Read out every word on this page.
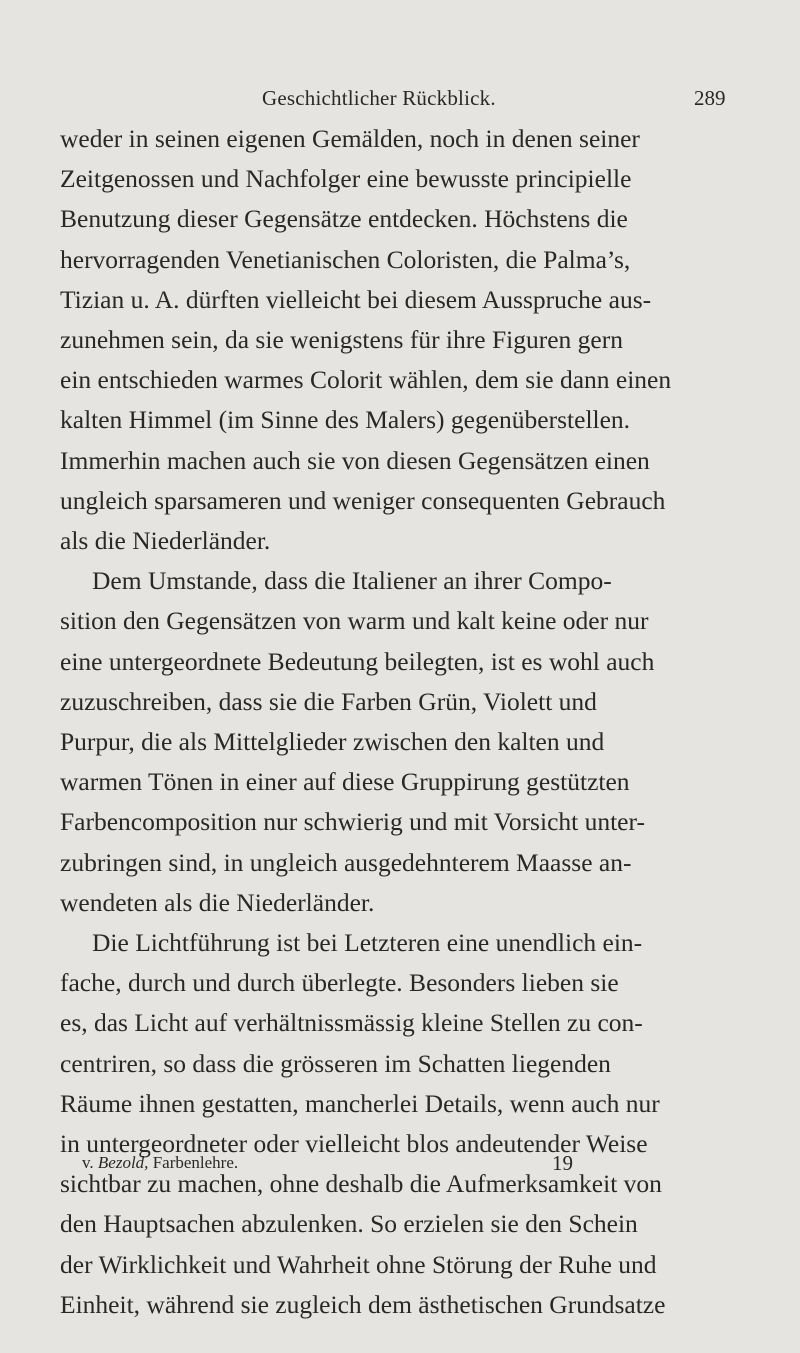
Geschichtlicher Rückblick.	289
weder in seinen eigenen Gemälden, noch in denen seiner
Zeitgenossen und Nachfolger eine bewusste principielle
Benutzung dieser Gegensätze entdecken. Höchstens die
hervorragenden Venetianischen Coloristen, die Palma’s,
Tizian u. A. dürften vielleicht bei diesem Ausspruche aus-
zunehmen sein, da sie wenigstens für ihre Figuren gern
ein entschieden warmes Colorit wählen, dem sie dann einen
kalten Himmel (im Sinne des Malers) gegenüberstellen.
Immerhin machen auch sie von diesen Gegensätzen einen
ungleich sparsameren und weniger consequenten Gebrauch
als die Niederländer.
Dem Umstande, dass die Italiener an ihrer Compo-
sition den Gegensätzen von warm und kalt keine oder nur
eine untergeordnete Bedeutung beilegten, ist es wohl auch
zuzuschreiben, dass sie die Farben Grün, Violett und
Purpur, die als Mittelglieder zwischen den kalten und
warmen Tönen in einer auf diese Gruppirung gestützten
Farbencomposition nur schwierig und mit Vorsicht unter-
zubringen sind, in ungleich ausgedehnterem Maasse an-
wendeten als die Niederländer.
Die Lichtführung ist bei Letzteren eine unendlich ein-
fache, durch und durch überlegte. Besonders lieben sie
es, das Licht auf verhältnissmässig kleine Stellen zu con-
centriren, so dass die grösseren im Schatten liegenden
Räume ihnen gestatten, mancherlei Details, wenn auch nur
in untergeordneter oder vielleicht blos andeutender Weise
sichtbar zu machen, ohne deshalb die Aufmerksamkeit von
den Hauptsachen abzulenken. So erzielen sie den Schein
der Wirklichkeit und Wahrheit ohne Störung der Ruhe und
Einheit, während sie zugleich dem ästhetischen Grundsatze
v. Bezold, Farbenlehre.	19
